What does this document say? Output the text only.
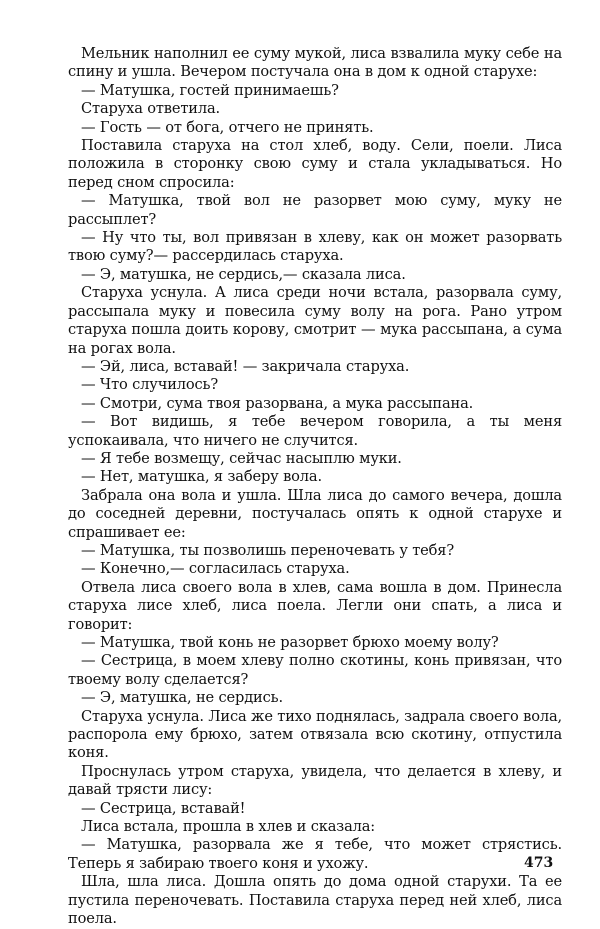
Мельник наполнил ее суму мукой, лиса взвалила муку себе на спину и ушла. Вечером постучала она в дом к одной старухе:

— Матушка, гостей принимаешь?

Старуха ответила.

— Гость — от бога, отчего не принять.

Поставила старуха на стол хлеб, воду. Сели, поели. Лиса положила в сторонку свою суму и стала укладываться. Но перед сном спросила:

— Матушка, твой вол не разорвет мою суму, муку не рассыплет?

— Ну что ты, вол привязан в хлеву, как он может разорвать твою суму?— рассердилась старуха.

— Э, матушка, не сердись,— сказала лиса.

Старуха уснула. А лиса среди ночи встала, разорвала суму, рассыпала муку и повесила суму волу на рога. Рано утром старуха пошла доить корову, смотрит — мука рассыпана, а сума на рогах вола.

— Эй, лиса, вставай! — закричала старуха.

— Что случилось?

— Смотри, сума твоя разорвана, а мука рассыпана.

— Вот видишь, я тебе вечером говорила, а ты меня успокаивала, что ничего не случится.

— Я тебе возмещу, сейчас насыплю муки.

— Нет, матушка, я заберу вола.

Забрала она вола и ушла. Шла лиса до самого вечера, дошла до соседней деревни, постучалась опять к одной старухе и спрашивает ее:

— Матушка, ты позволишь переночевать у тебя?

— Конечно,— согласилась старуха.

Отвела лиса своего вола в хлев, сама вошла в дом. Принесла старуха лисе хлеб, лиса поела. Легли они спать, а лиса и говорит:

— Матушка, твой конь не разорвет брюхо моему волу?

— Сестрица, в моем хлеву полно скотины, конь привязан, что твоему волу сделается?

— Э, матушка, не сердись.

Старуха уснула. Лиса же тихо поднялась, задрала своего вола, распорола ему брюхо, затем отвязала всю скотину, отпустила коня.

Проснулась утром старуха, увидела, что делается в хлеву, и давай трясти лису:

— Сестрица, вставай!

Лиса встала, прошла в хлев и сказала:

— Матушка, разорвала же я тебе, что может стрястись. Теперь я забираю твоего коня и ухожу.

Шла, шла лиса. Дошла опять до дома одной старухи. Та ее пустила переночевать. Поставила старуха перед ней хлеб, лиса поела.

473
